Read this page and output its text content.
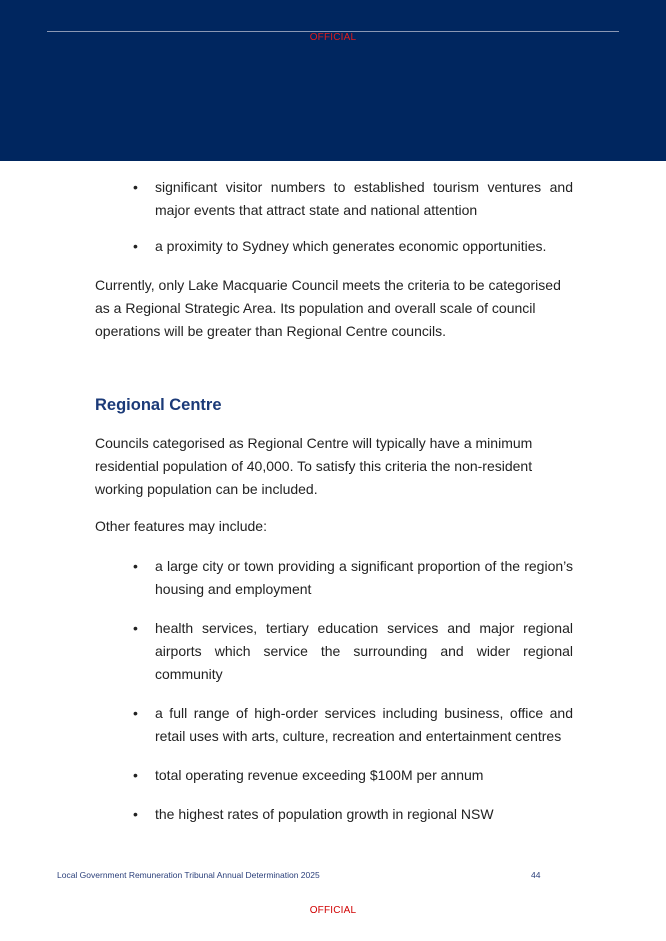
OFFICIAL
• significant visitor numbers to established tourism ventures and major events that attract state and national attention
• a proximity to Sydney which generates economic opportunities.

Currently, only Lake Macquarie Council meets the criteria to be categorised as a Regional Strategic Area. Its population and overall scale of council operations will be greater than Regional Centre councils.

Regional Centre

Councils categorised as Regional Centre will typically have a minimum residential population of 40,000. To satisfy this criteria the non-resident working population can be included.

Other features may include:

• a large city or town providing a significant proportion of the region’s housing and employment
• health services, tertiary education services and major regional airports which service the surrounding and wider regional community
• a full range of high-order services including business, office and retail uses with arts, culture, recreation and entertainment centres
• total operating revenue exceeding $100M per annum
• the highest rates of population growth in regional NSW
Local Government Remuneration Tribunal Annual Determination 2025	44
OFFICIAL
